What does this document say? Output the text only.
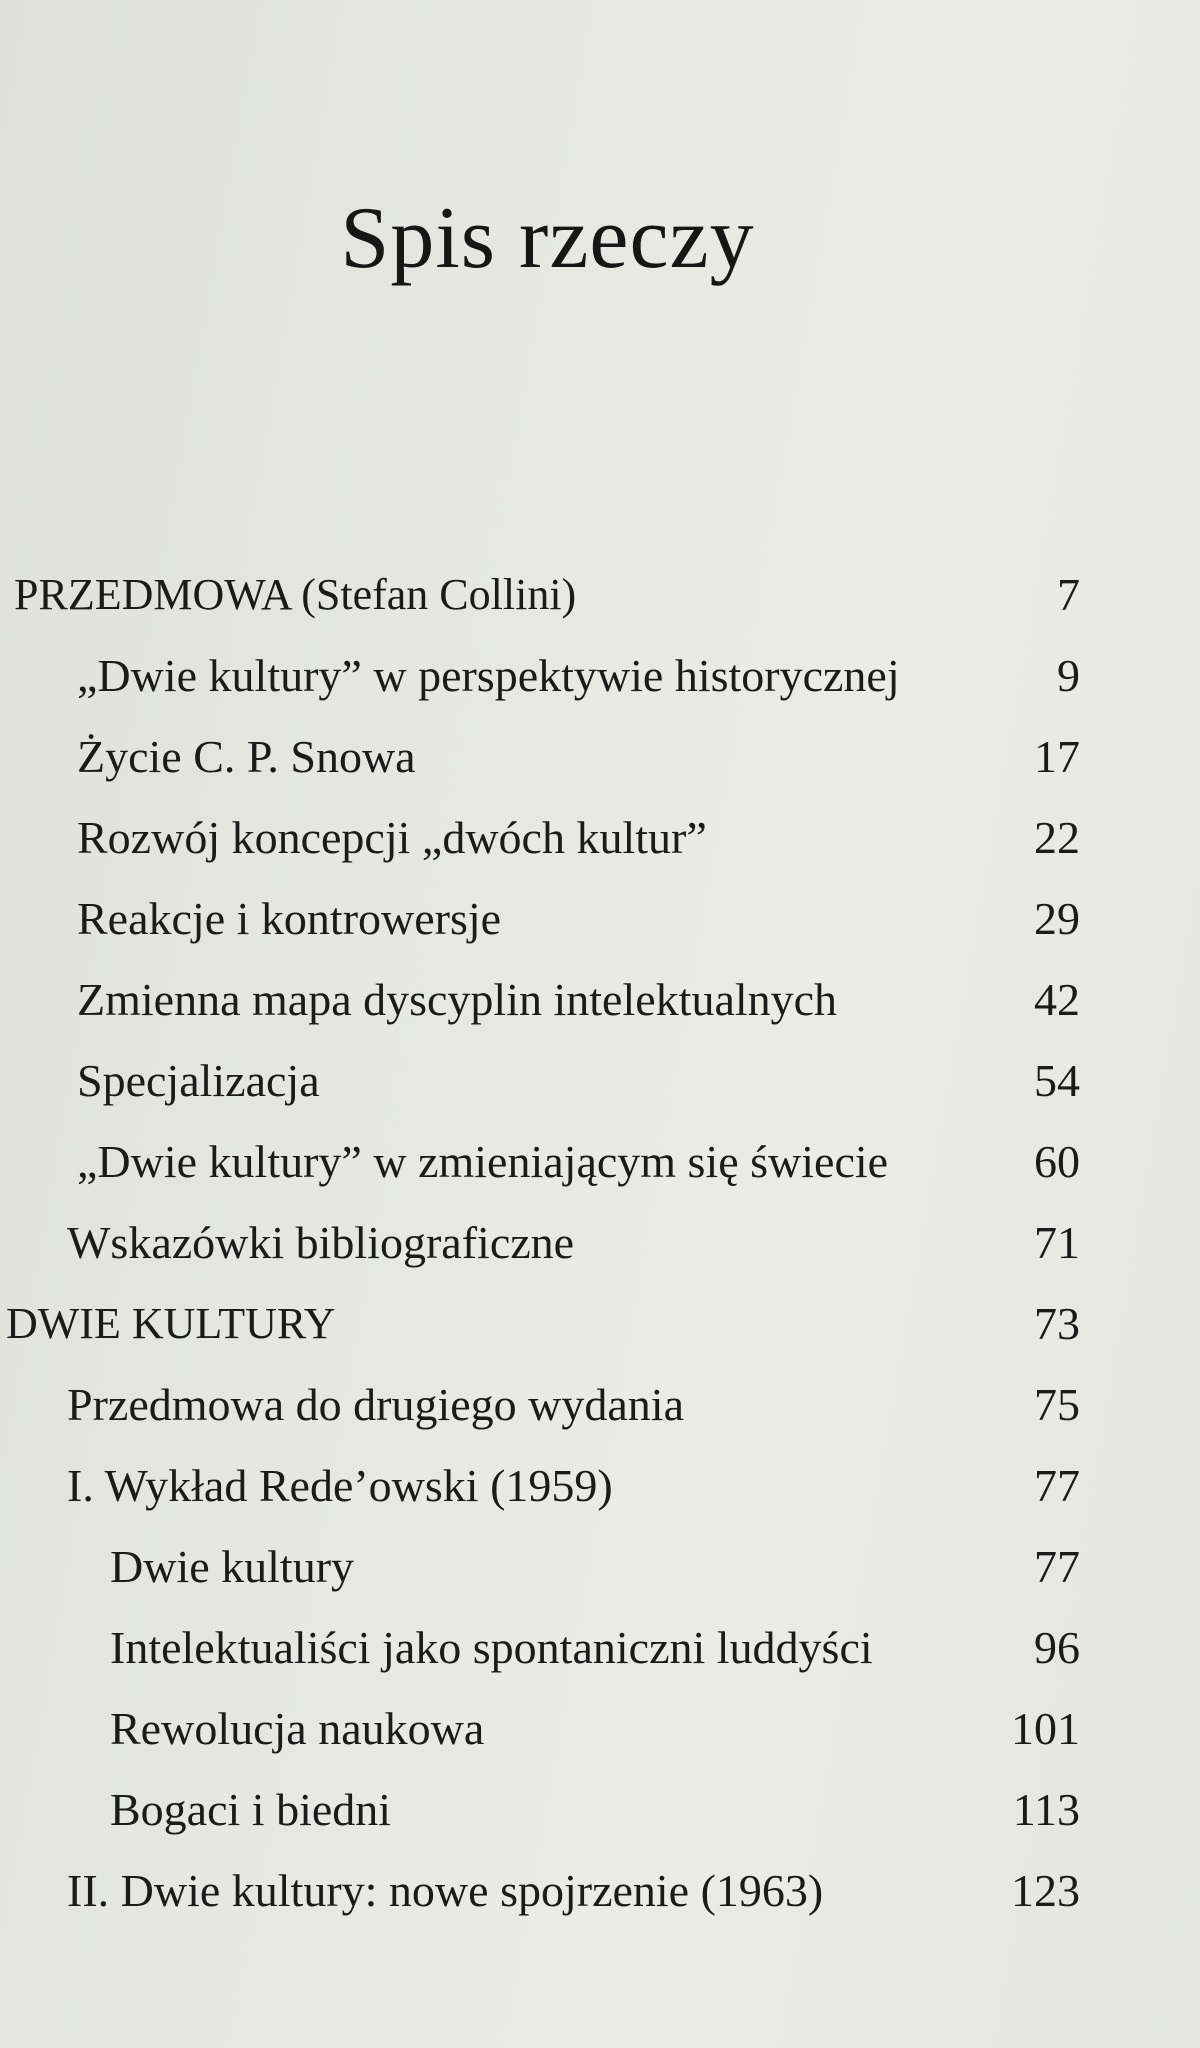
Spis rzeczy
PRZEDMOWA (Stefan Collini)	7
„Dwie kultury” w perspektywie historycznej	9
Życie C. P. Snowa	17
Rozwój koncepcji „dwóch kultur”	22
Reakcje i kontrowersje	29
Zmienna mapa dyscyplin intelektualnych	42
Specjalizacja	54
„Dwie kultury” w zmieniającym się świecie	60
Wskazówki bibliograficzne	71
DWIE KULTURY	73
Przedmowa do drugiego wydania	75
I. Wykład Rede’owski (1959)	77
Dwie kultury	77
Intelektualiści jako spontaniczni luddyści	96
Rewolucja naukowa	101
Bogaci i biedni	113
II. Dwie kultury: nowe spojrzenie (1963)	123
